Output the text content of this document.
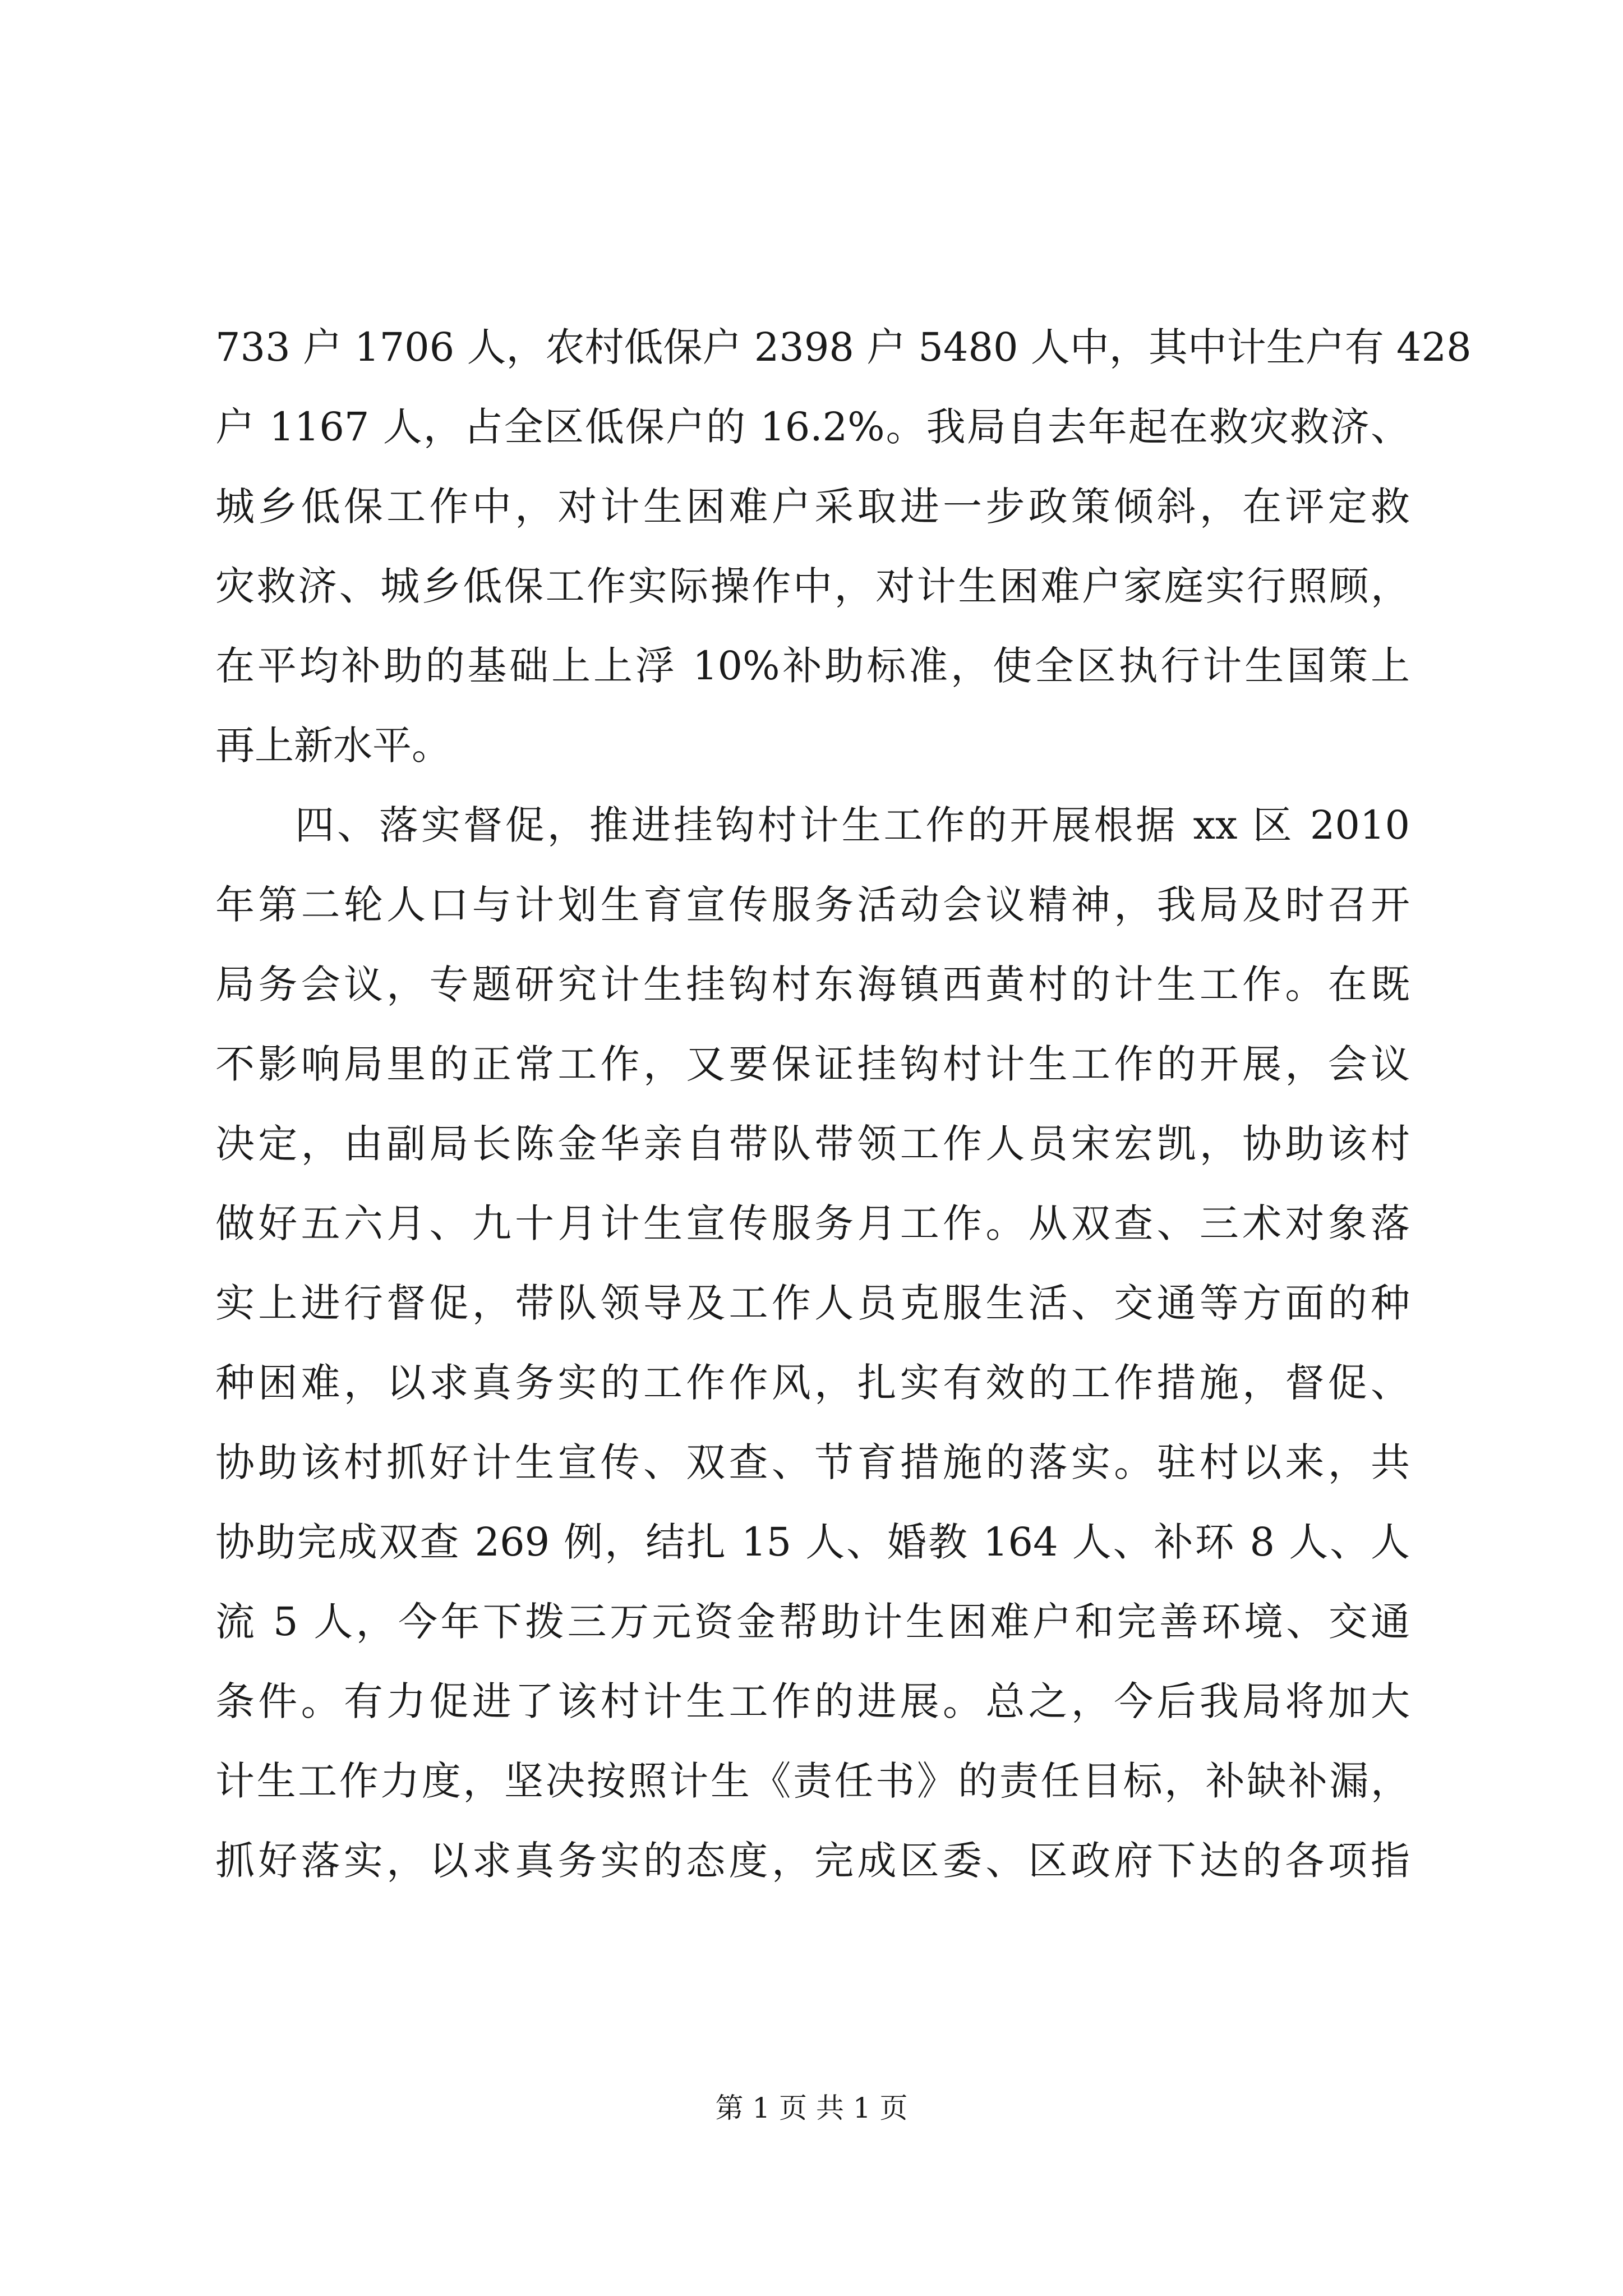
733 户 1706 人，农村低保户 2398 户 5480 人中，其中计生户有 428
户 1167 人，占全区低保户的 16.2%。我局自去年起在救灾救济、
城乡低保工作中，对计生困难户采取进一步政策倾斜，在评定救
灾救济、城乡低保工作实际操作中，对计生困难户家庭实行照顾，
在平均补助的基础上上浮 10%补助标准，使全区执行计生国策上
再上新水平。
四、落实督促，推进挂钩村计生工作的开展根据 xx 区 2010
年第二轮人口与计划生育宣传服务活动会议精神，我局及时召开
局务会议，专题研究计生挂钩村东海镇西黄村的计生工作。在既
不影响局里的正常工作，又要保证挂钩村计生工作的开展，会议
决定，由副局长陈金华亲自带队带领工作人员宋宏凯，协助该村
做好五六月、九十月计生宣传服务月工作。从双查、三术对象落
实上进行督促，带队领导及工作人员克服生活、交通等方面的种
种困难，以求真务实的工作作风，扎实有效的工作措施，督促、
协助该村抓好计生宣传、双查、节育措施的落实。驻村以来，共
协助完成双查 269 例，结扎 15 人、婚教 164 人、补环 8 人、人
流 5 人，今年下拨三万元资金帮助计生困难户和完善环境、交通
条件。有力促进了该村计生工作的进展。总之，今后我局将加大
计生工作力度，坚决按照计生《责任书》的责任目标，补缺补漏，
抓好落实，以求真务实的态度，完成区委、区政府下达的各项指
第 1 页 共 1 页
